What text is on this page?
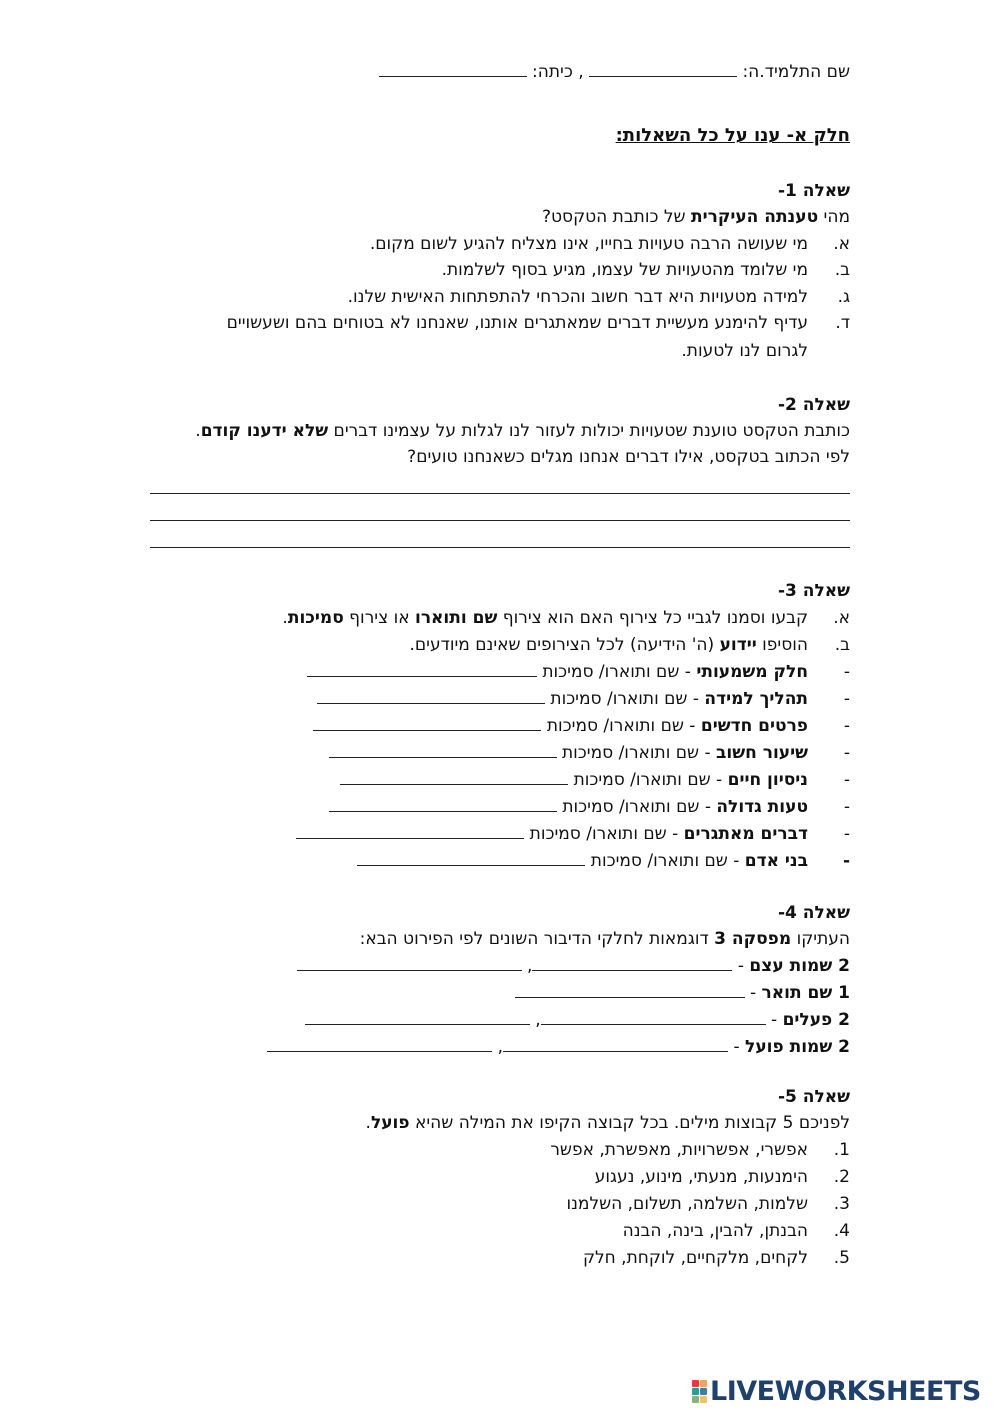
שם התלמיד.ה:  , כיתה:
חלק א- ענו על כל השאלות:
שאלה 1-
מהי טענתה העיקרית של כותבת הטקסט?
א.
מי שעושה הרבה טעויות בחייו, אינו מצליח להגיע לשום מקום.
ב.
מי שלומד מהטעויות של עצמו, מגיע בסוף לשלמות.
ג.
למידה מטעויות היא דבר חשוב והכרחי להתפתחות האישית שלנו.
ד.
עדיף להימנע מעשיית דברים שמאתגרים אותנו, שאנחנו לא בטוחים בהם ושעשויים
לגרום לנו לטעות.
שאלה 2-
כותבת הטקסט טוענת שטעויות יכולות לעזור לנו לגלות על עצמינו דברים שלא ידענו קודם.
לפי הכתוב בטקסט, אילו דברים אנחנו מגלים כשאנחנו טועים?
שאלה 3-
א.
קבעו וסמנו לגביי כל צירוף האם הוא צירוף שם ותוארו או צירוף סמיכות.
ב.
הוסיפו יידוע (ה' הידיעה) לכל הצירופים שאינם מיודעים.
-
חלק משמעותי - שם ותוארו/ סמיכות
-
תהליך למידה - שם ותוארו/ סמיכות
-
פרטים חדשים - שם ותוארו/ סמיכות
-
שיעור חשוב - שם ותוארו/ סמיכות
-
ניסיון חיים - שם ותוארו/ סמיכות
-
טעות גדולה - שם ותוארו/ סמיכות
-
דברים מאתגרים - שם ותוארו/ סמיכות
-
בני אדם - שם ותוארו/ סמיכות
שאלה 4-
העתיקו מפסקה 3 דוגמאות לחלקי הדיבור השונים לפי הפירוט הבא:
2 שמות עצם - ,
1 שם תואר -
2 פעלים - ,
2 שמות פועל - ,
שאלה 5-
לפניכם 5 קבוצות מילים. בכל קבוצה הקיפו את המילה שהיא פועל.
1.
אפשרי, אפשרויות, מאפשרת, אפשר
2.
הימנעות, מנעתי, מינוע, נעגוע
3.
שלמות, השלמה, תשלום, השלמנו
4.
הבנתן, להבין, בינה, הבנה
5.
לקחים, מלקחיים, לוקחת, חלק
LIVEWORKSHEETS
